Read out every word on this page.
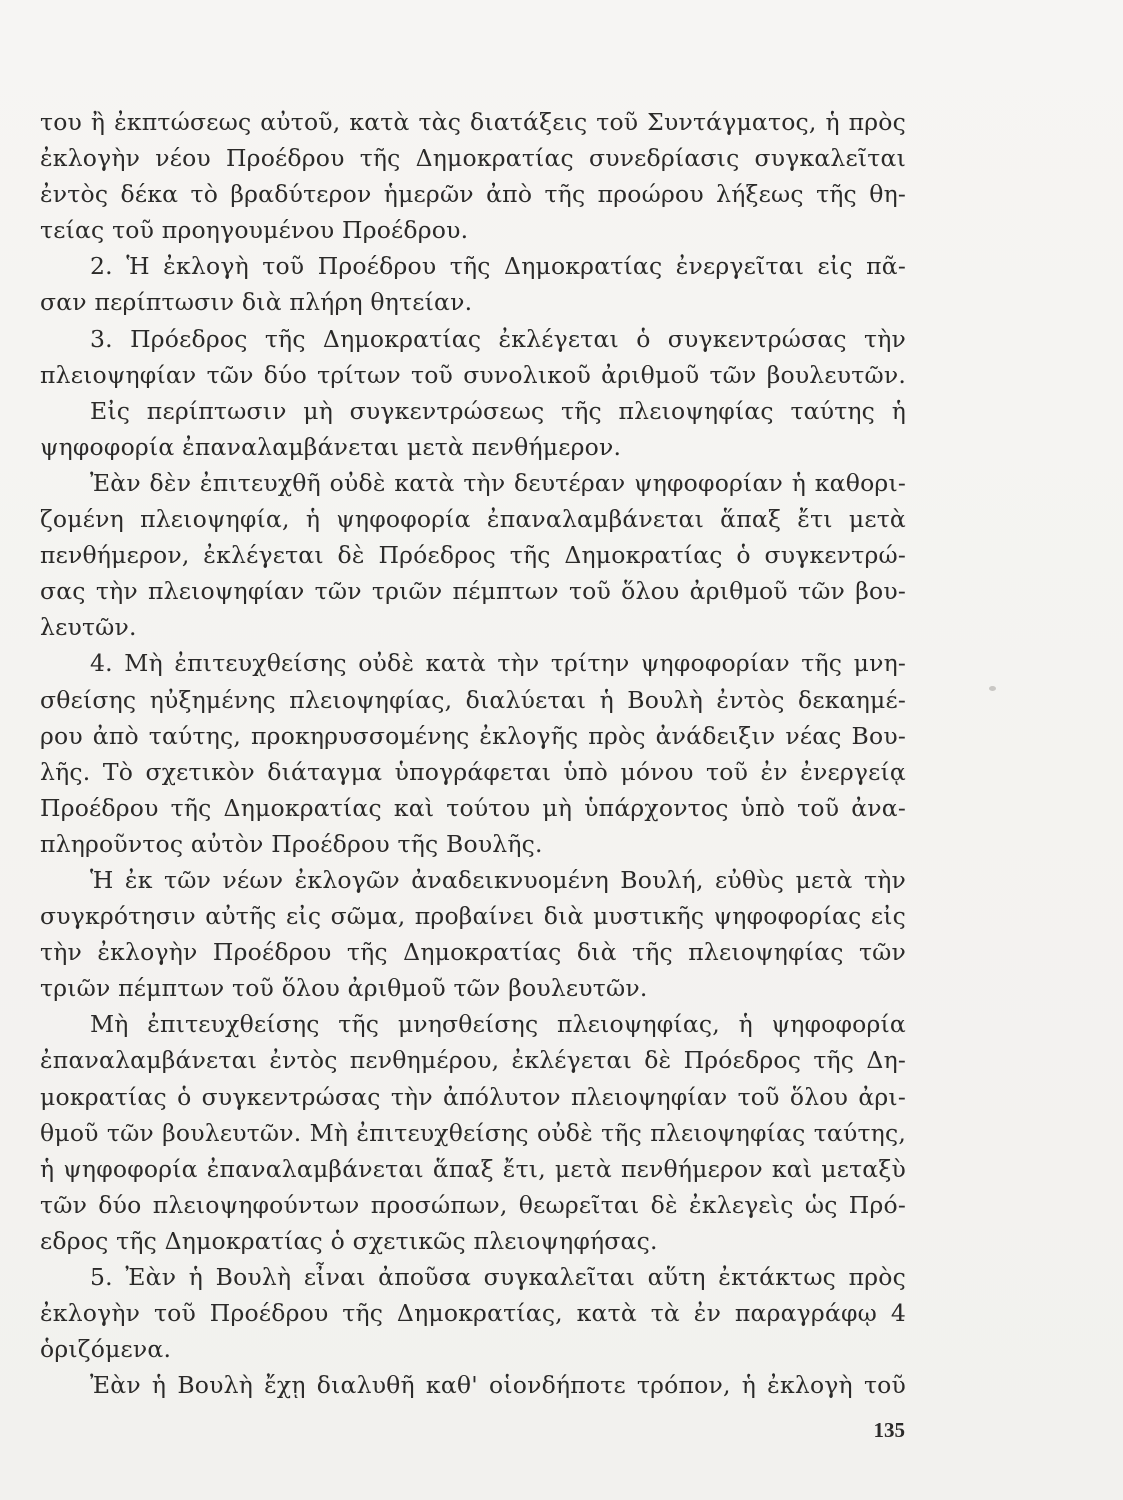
του ἢ ἐκπτώσεως αὐτοῦ, κατὰ τὰς διατάξεις τοῦ Συντάγματος, ἡ πρὸς
ἐκλογὴν νέου Προέδρου τῆς Δημοκρατίας συνεδρίασις συγκαλεῖται
ἐντὸς δέκα τὸ βραδύτερον ἡμερῶν ἀπὸ τῆς προώρου λήξεως τῆς θη-
τείας τοῦ προηγουμένου Προέδρου.
2. Ἡ ἐκλογὴ τοῦ Προέδρου τῆς Δημοκρατίας ἐνεργεῖται εἰς πᾶ-
σαν περίπτωσιν διὰ πλήρη θητείαν.
3. Πρόεδρος τῆς Δημοκρατίας ἐκλέγεται ὁ συγκεντρώσας τὴν
πλειοψηφίαν τῶν δύο τρίτων τοῦ συνολικοῦ ἀριθμοῦ τῶν βουλευτῶν.
Εἰς περίπτωσιν μὴ συγκεντρώσεως τῆς πλειοψηφίας ταύτης ἡ
ψηφοφορία ἐπαναλαμβάνεται μετὰ πενθήμερον.
Ἐὰν δὲν ἐπιτευχθῆ οὐδὲ κατὰ τὴν δευτέραν ψηφοφορίαν ἡ καθορι-
ζομένη πλειοψηφία, ἡ ψηφοφορία ἐπαναλαμβάνεται ἅπαξ ἔτι μετὰ
πενθήμερον, ἐκλέγεται δὲ Πρόεδρος τῆς Δημοκρατίας ὁ συγκεντρώ-
σας τὴν πλειοψηφίαν τῶν τριῶν πέμπτων τοῦ ὅλου ἀριθμοῦ τῶν βου-
λευτῶν.
4. Μὴ ἐπιτευχθείσης οὐδὲ κατὰ τὴν τρίτην ψηφοφορίαν τῆς μνη-
σθείσης ηὐξημένης πλειοψηφίας, διαλύεται ἡ Βουλὴ ἐντὸς δεκαημέ-
ρου ἀπὸ ταύτης, προκηρυσσομένης ἐκλογῆς πρὸς ἀνάδειξιν νέας Βου-
λῆς. Τὸ σχετικὸν διάταγμα ὑπογράφεται ὑπὸ μόνου τοῦ ἐν ἐνεργείᾳ
Προέδρου τῆς Δημοκρατίας καὶ τούτου μὴ ὑπάρχοντος ὑπὸ τοῦ ἀνα-
πληροῦντος αὐτὸν Προέδρου τῆς Βουλῆς.
Ἡ ἐκ τῶν νέων ἐκλογῶν ἀναδεικνυομένη Βουλή, εὐθὺς μετὰ τὴν
συγκρότησιν αὐτῆς εἰς σῶμα, προβαίνει διὰ μυστικῆς ψηφοφορίας εἰς
τὴν ἐκλογὴν Προέδρου τῆς Δημοκρατίας διὰ τῆς πλειοψηφίας τῶν
τριῶν πέμπτων τοῦ ὅλου ἀριθμοῦ τῶν βουλευτῶν.
Μὴ ἐπιτευχθείσης τῆς μνησθείσης πλειοψηφίας, ἡ ψηφοφορία
ἐπαναλαμβάνεται ἐντὸς πενθημέρου, ἐκλέγεται δὲ Πρόεδρος τῆς Δη-
μοκρατίας ὁ συγκεντρώσας τὴν ἀπόλυτον πλειοψηφίαν τοῦ ὅλου ἀρι-
θμοῦ τῶν βουλευτῶν. Μὴ ἐπιτευχθείσης οὐδὲ τῆς πλειοψηφίας ταύτης,
ἡ ψηφοφορία ἐπαναλαμβάνεται ἅπαξ ἔτι, μετὰ πενθήμερον καὶ μεταξὺ
τῶν δύο πλειοψηφούντων προσώπων, θεωρεῖται δὲ ἐκλεγεὶς ὡς Πρό-
εδρος τῆς Δημοκρατίας ὁ σχετικῶς πλειοψηφήσας.
5. Ἐὰν ἡ Βουλὴ εἶναι ἀποῦσα συγκαλεῖται αὕτη ἐκτάκτως πρὸς
ἐκλογὴν τοῦ Προέδρου τῆς Δημοκρατίας, κατὰ τὰ ἐν παραγράφῳ 4
ὁριζόμενα.
Ἐὰν ἡ Βουλὴ ἔχῃ διαλυθῆ καθ' οἱονδήποτε τρόπον, ἡ ἐκλογὴ τοῦ
135
